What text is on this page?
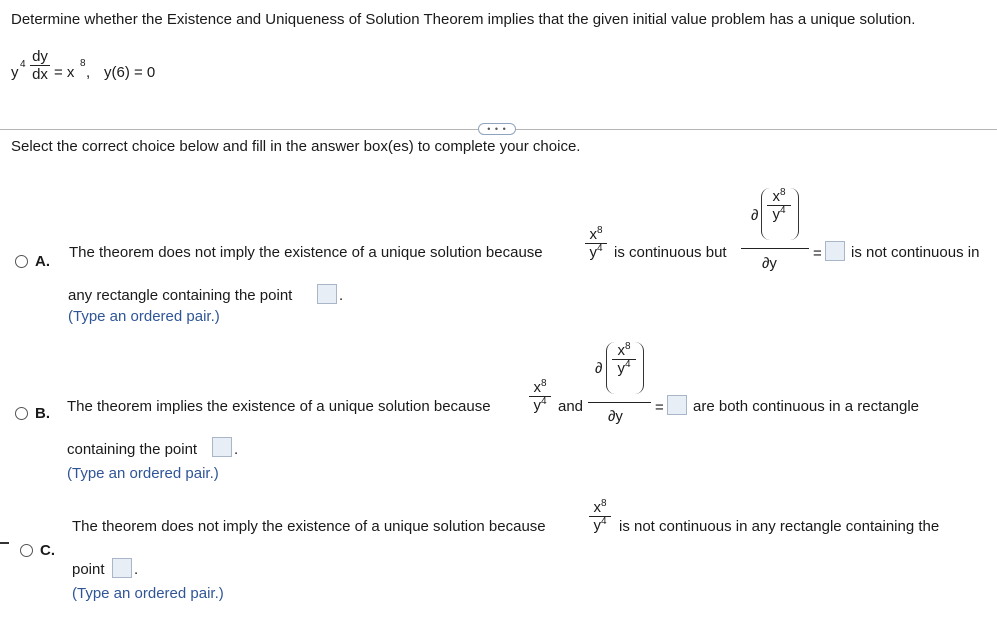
Determine whether the Existence and Uniqueness of Solution Theorem implies that the given initial value problem has a unique solution.
y 4 dy
dx = x
8
, y(6) = 0
• • •
Select the correct choice below and fill in the answer box(es) to complete your choice.
A.
The theorem does not imply the existence of a unique solution because
$x^8$
$y^4$ is continuous but
∂
$x^8$
$y^4$
∂y
= is not continuous in
any rectangle containing the point	.
(Type an ordered pair.)
B. The theorem implies the existence of a unique solution because
$x^8$
$y^4$ and
∂
$x^8$
$y^4$
∂y
= are both continuous in a rectangle
containing the point .
(Type an ordered pair.)
C.
The theorem does not imply the existence of a unique solution because
$x^8$
$y^4$ is not continuous in any rectangle containing the
point .
(Type an ordered pair.)
